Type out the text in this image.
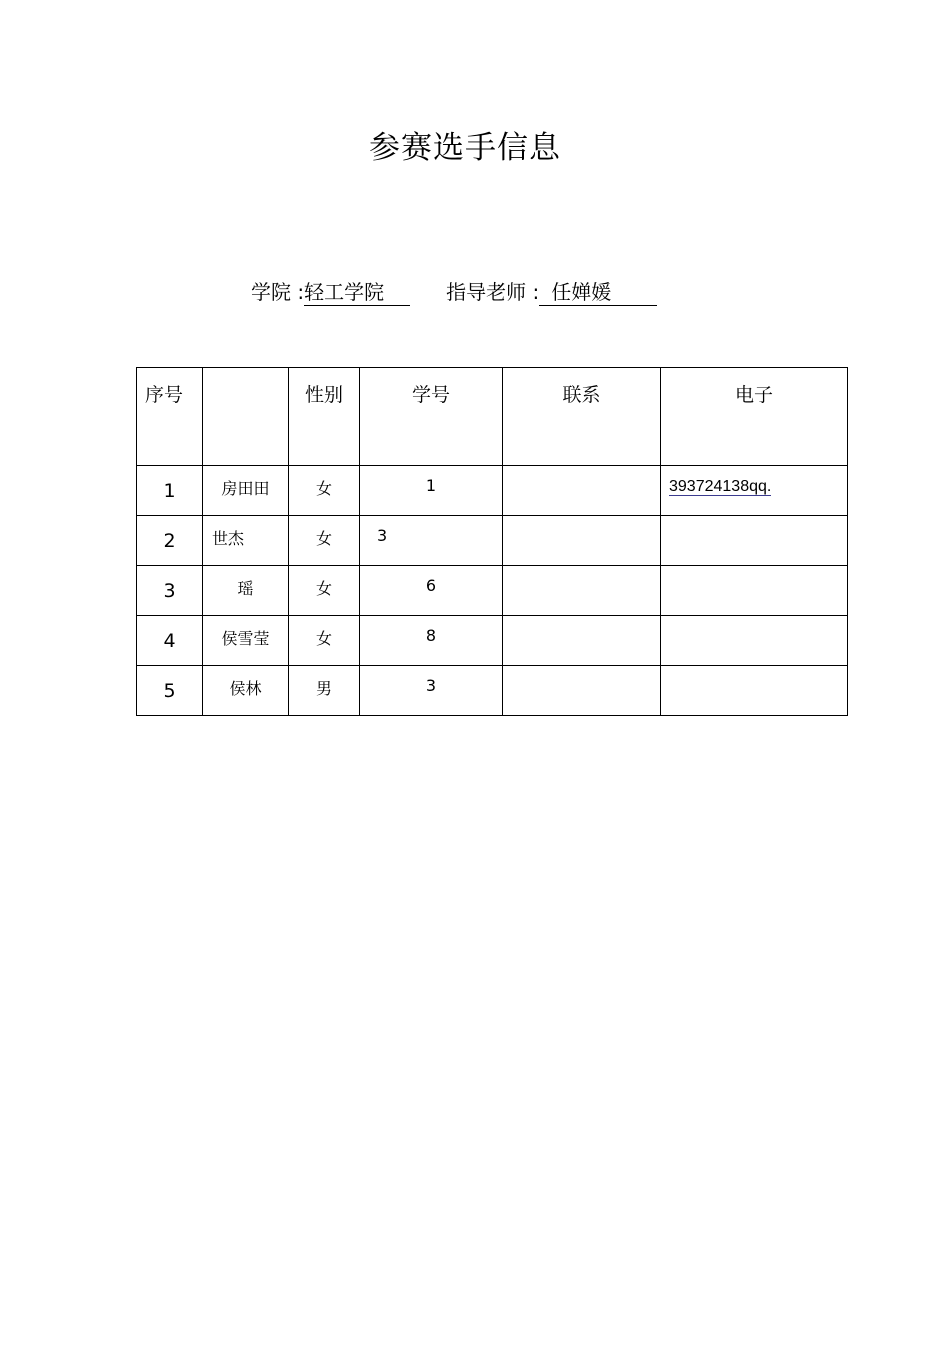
参赛选手信息
学院 :轻工学院	指导老师 :任婵媛
序号		性别	学号	联系	电子
1	房田田	女	1		393724138qq.
2	世杰	女	3		
3	瑶	女	6		
4	侯雪莹	女	8		
5	侯林	男	3		
